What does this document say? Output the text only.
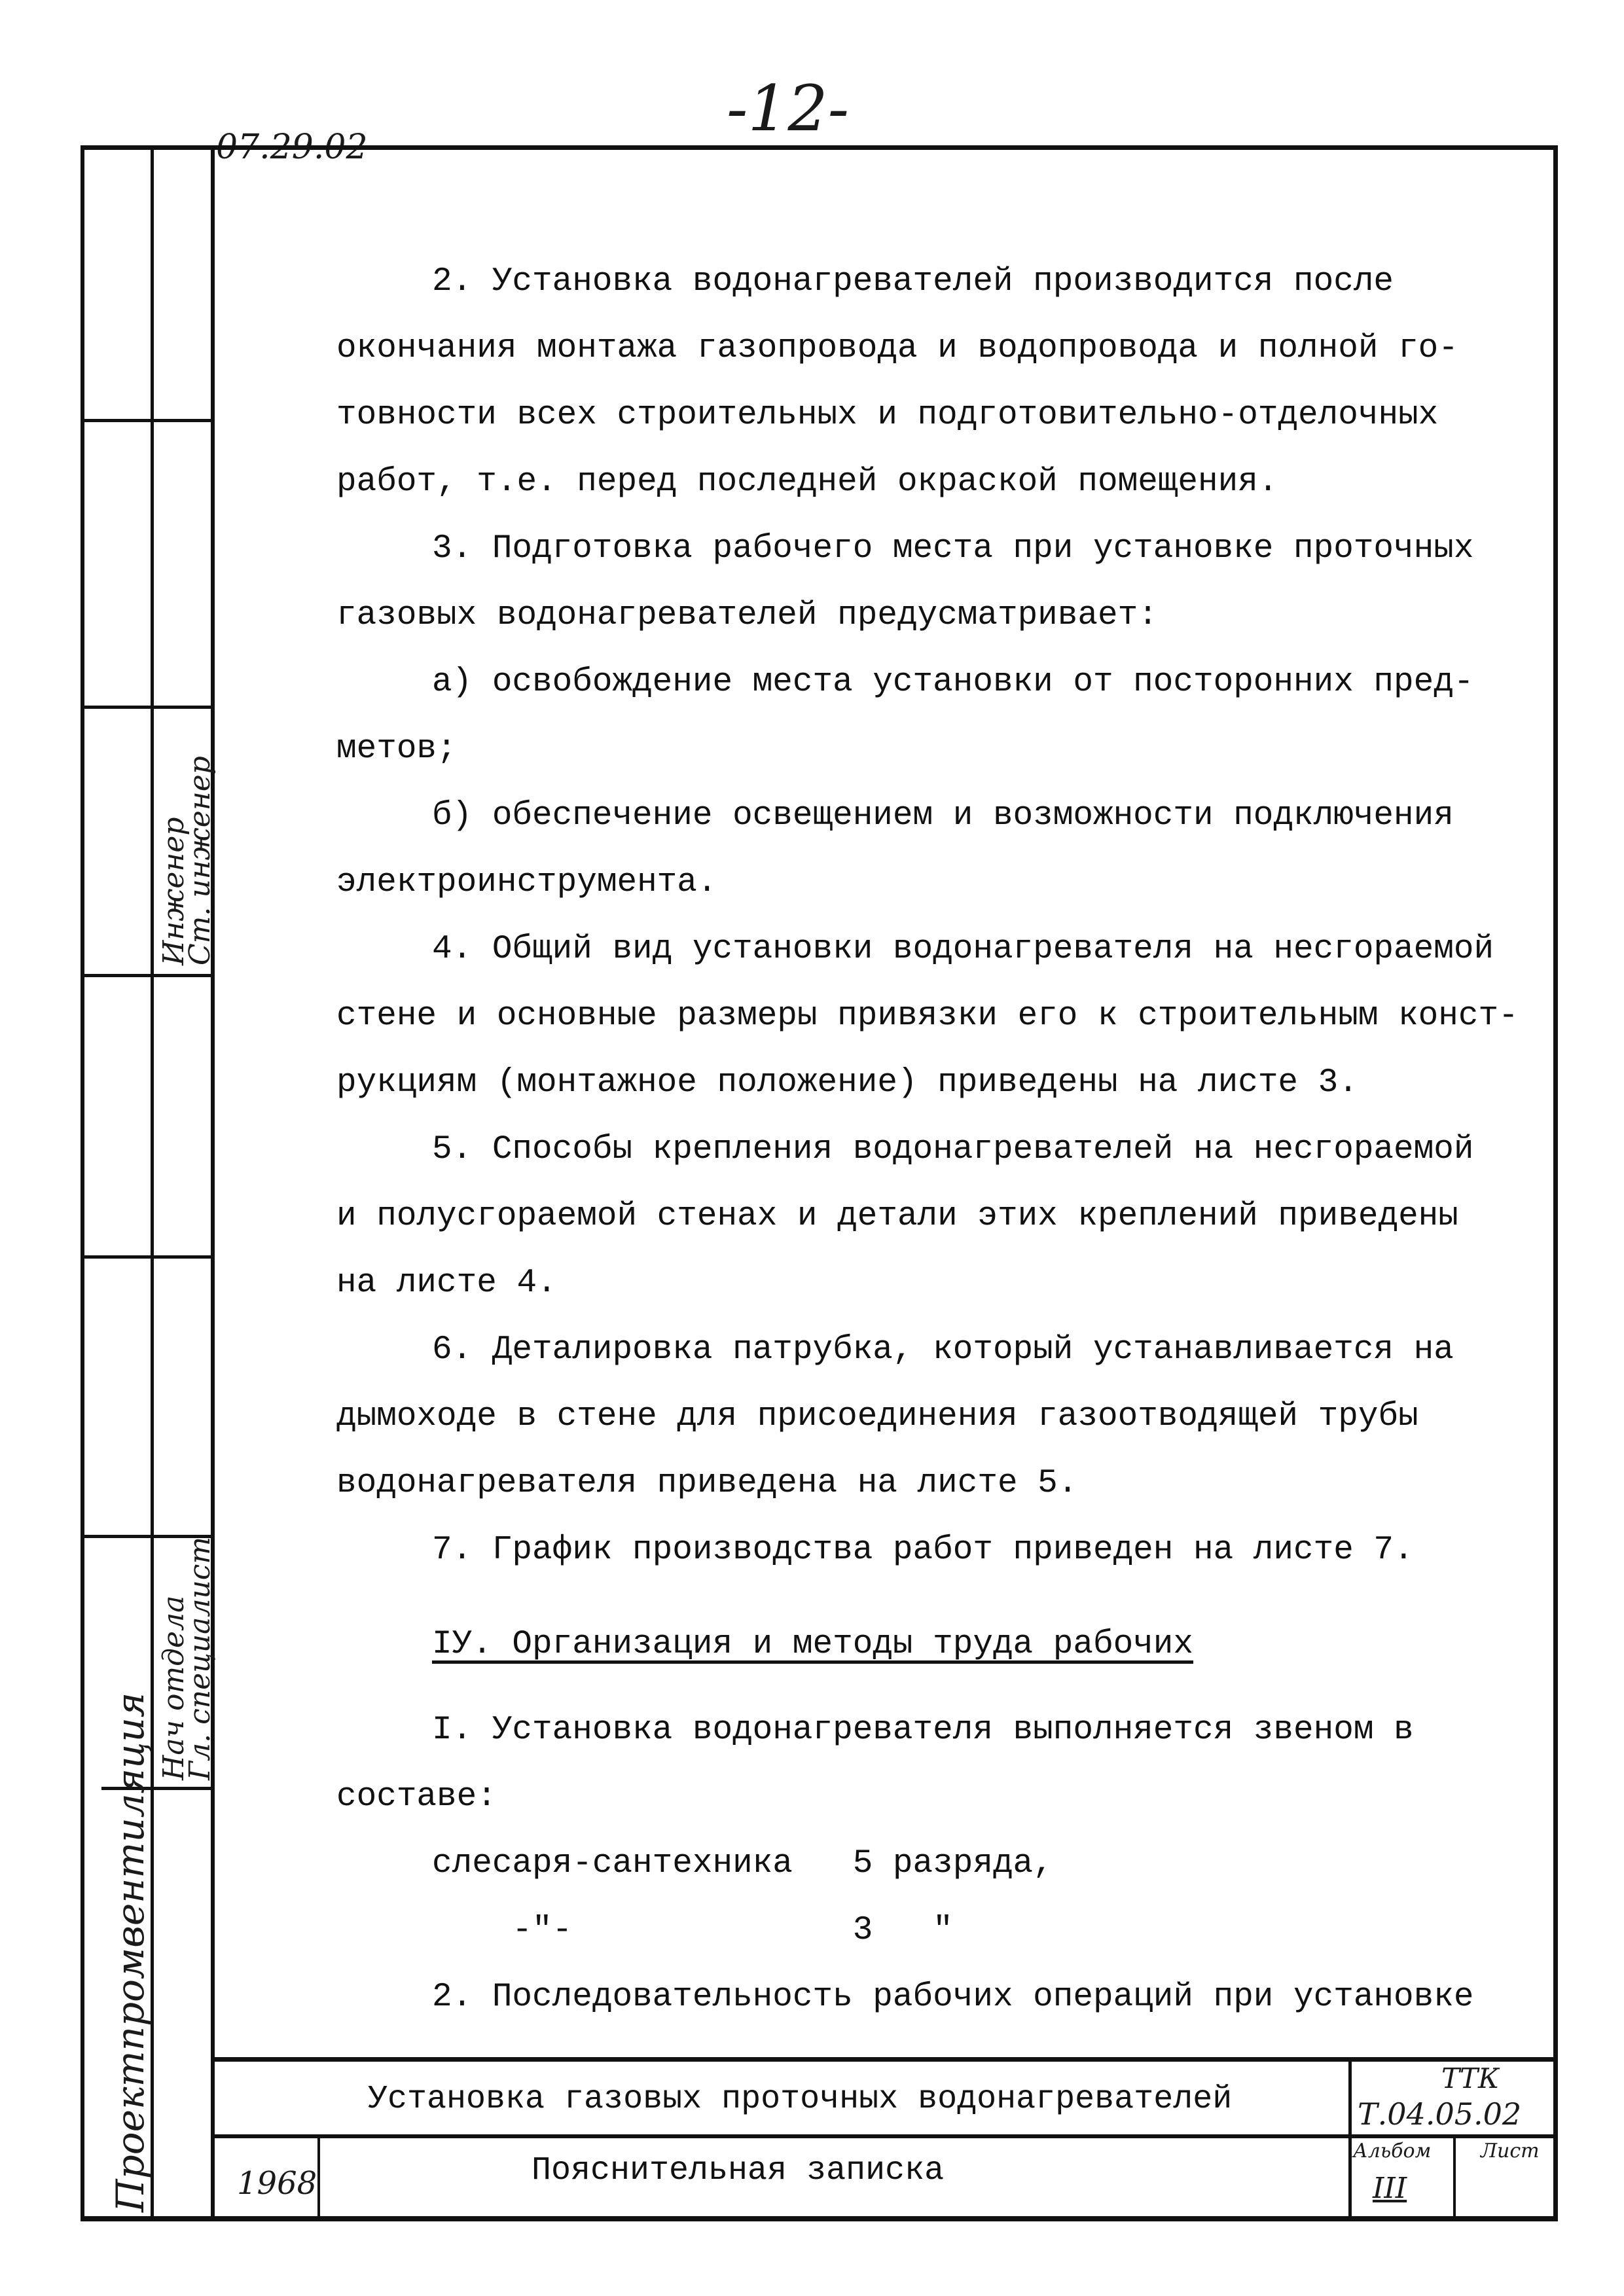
-12-
07.29.02
Проектпромвентиляция
Нач отдела
Гл. специалист
Инженер
Ст. инженер
2. Установка водонагревателей производится после
окончания монтажа газопровода и водопровода и полной го-
товности всех строительных и подготовительно-отделочных
работ, т.е. перед последней окраской помещения.
3. Подготовка рабочего места при установке проточных
газовых водонагревателей предусматривает:
а) освобождение места установки от посторонних пред-
метов;
б) обеспечение освещением и возможности подключения
электроинструмента.
4. Общий вид установки водонагревателя на несгораемой
стене и основные размеры привязки его к строительным конст-
рукциям (монтажное положение) приведены на листе 3.
5. Способы крепления водонагревателей на несгораемой
и полусгораемой стенах и детали этих креплений приведены
на листе 4.
6. Деталировка патрубка, который устанавливается на
дымоходе в стене для присоединения газоотводящей трубы
водонагревателя приведена на листе 5.
7. График производства работ приведен на листе 7.
IУ. Организация и методы труда рабочих
I. Установка водонагревателя выполняется звеном в
составе:
слесаря-сантехника   5 разряда,
-"-              3   "
2. Последовательность рабочих операций при установке
Установка газовых проточных водонагревателей
Пояснительная записка
1968
ТТК
Т.04.05.02
Альбом
III
Лист
